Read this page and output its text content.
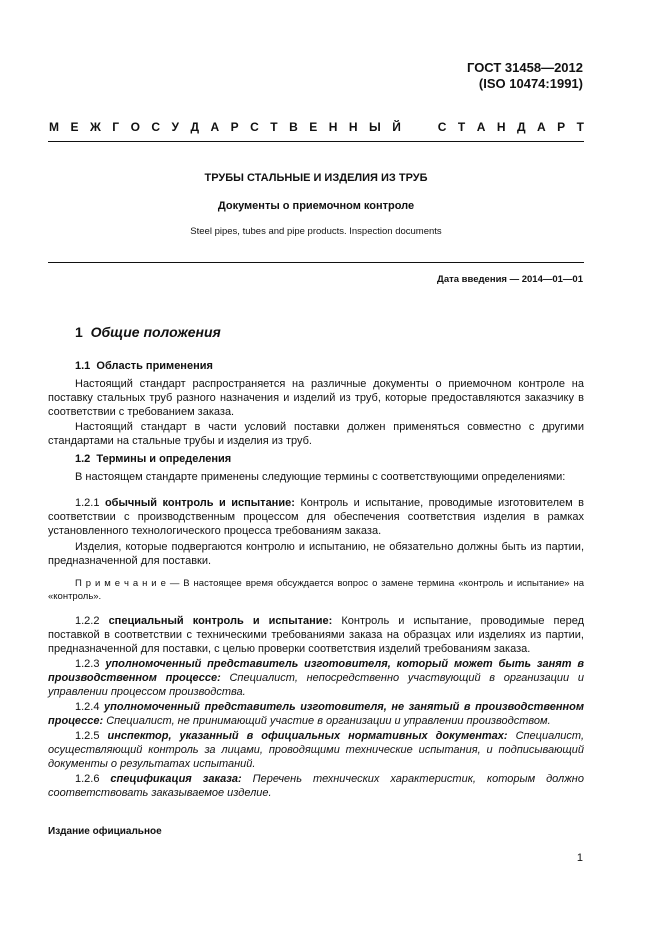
ГОСТ 31458—2012
(ISO 10474:1991)
М Е Ж Г О С У Д А Р С Т В Е Н Н Ы Й
	С Т А Н Д А Р Т
ТРУБЫ СТАЛЬНЫЕ И ИЗДЕЛИЯ ИЗ ТРУБ
Документы о приемочном контроле
Steel pipes, tubes and pipe products. Inspection documents
Дата введения — 2014—01—01
1 Общие положения
1.1 Область применения
Настоящий стандарт распространяется на различные документы о приемочном контроле на поставку стальных труб разного назначения и изделий из труб, которые предоставляются заказчику в соответствии с требованием заказа.
Настоящий стандарт в части условий поставки должен применяться совместно с другими стандартами на стальные трубы и изделия из труб.
1.2 Термины и определения
В настоящем стандарте применены следующие термины с соответствующими определениями:
1.2.1 обычный контроль и испытание: Контроль и испытание, проводимые изготовителем в соответствии с производственным процессом для обеспечения соответствия изделия в рамках установленного технологического процесса требованиям заказа.
Изделия, которые подвергаются контролю и испытанию, не обязательно должны быть из партии, предназначенной для поставки.
П р и м е ч а н и е — В настоящее время обсуждается вопрос о замене термина «контроль и испытание» на «контроль».
1.2.2 специальный контроль и испытание: Контроль и испытание, проводимые перед поставкой в соответствии с техническими требованиями заказа на образцах или изделиях из партии, предназначенной для поставки, с целью проверки соответствия изделий требованиям заказа.
1.2.3 уполномоченный представитель изготовителя, который может быть занят в производственном процессе: Специалист, непосредственно участвующий в организации и управлении процессом производства.
1.2.4 уполномоченный представитель изготовителя, не занятый в производственном процессе: Специалист, не принимающий участие в организации и управлении производством.
1.2.5 инспектор, указанный в официальных нормативных документах: Специалист, осуществляющий контроль за лицами, проводящими технические испытания, и подписывающий документы о результатах испытаний.
1.2.6 спецификация заказа: Перечень технических характеристик, которым должно соответствовать заказываемое изделие.
Издание официальное
1
